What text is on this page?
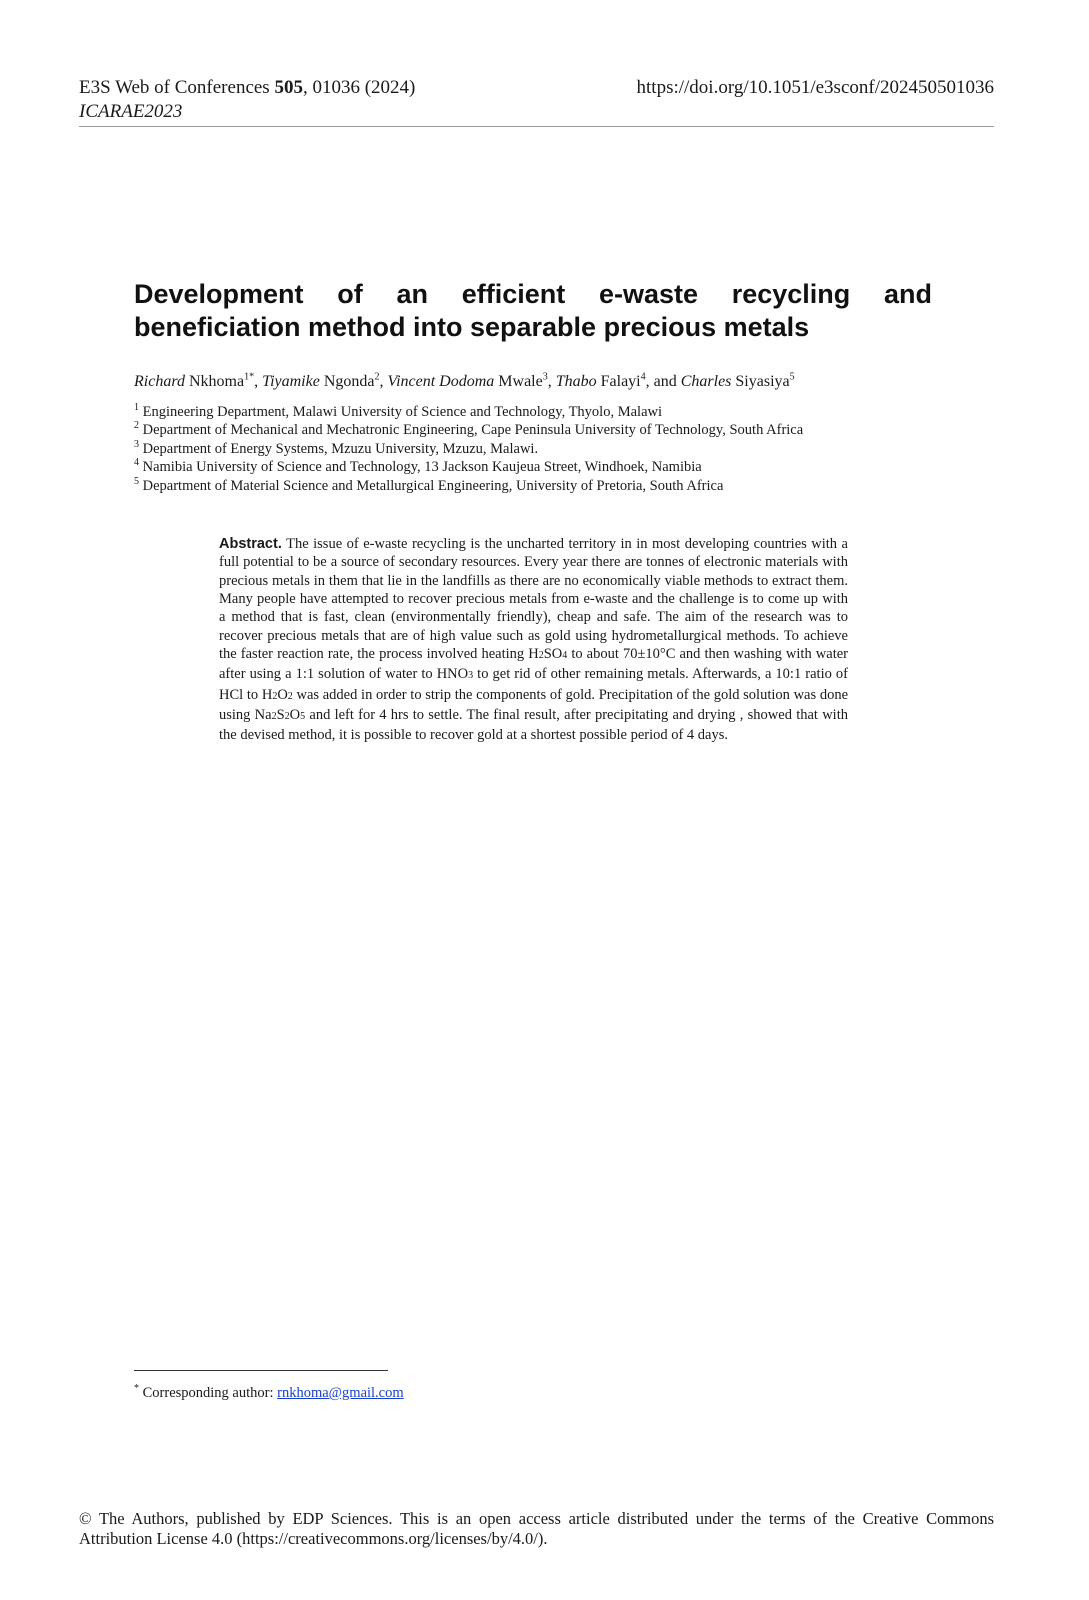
E3S Web of Conferences 505, 01036 (2024)
ICARAE2023
https://doi.org/10.1051/e3sconf/202450501036
Development of an efficient e-waste recycling and
beneficiation method into separable precious metals
Richard Nkhoma$^{1*}$, Tiyamike Ngonda$^2$, Vincent Dodoma Mwale$^3$, Thabo Falayi$^4$, and Charles Siyasiya$^5$
$^1$ Engineering Department, Malawi University of Science and Technology, Thyolo, Malawi
$^2$ Department of Mechanical and Mechatronic Engineering, Cape Peninsula University of Technology, South Africa
$^3$ Department of Energy Systems, Mzuzu University, Mzuzu, Malawi.
$^4$ Namibia University of Science and Technology, 13 Jackson Kaujeua Street, Windhoek, Namibia
$^5$ Department of Material Science and Metallurgical Engineering, University of Pretoria, South Africa
Abstract. The issue of e-waste recycling is the uncharted territory in in most developing countries with a full potential to be a source of secondary resources. Every year there are tonnes of electronic materials with precious metals in them that lie in the landfills as there are no economically viable methods to extract them. Many people have attempted to recover precious metals from e-waste and the challenge is to come up with a method that is fast, clean (environmentally friendly), cheap and safe. The aim of the research was to recover precious metals that are of high value such as gold using hydrometallurgical methods. To achieve the faster reaction rate, the process involved heating H2SO4 to about 70±10°C and then washing with water after using a 1:1 solution of water to HNO3 to get rid of other remaining metals. Afterwards, a 10:1 ratio of HCl to H2O2 was added in order to strip the components of gold. Precipitation of the gold solution was done using Na2S2O5 and left for 4 hrs to settle. The final result, after precipitating and drying , showed that with the devised method, it is possible to recover gold at a shortest possible period of 4 days.
* Corresponding author: rnkhoma@gmail.com
© The Authors, published by EDP Sciences. This is an open access article distributed under the terms of the Creative Commons Attribution License 4.0 (https://creativecommons.org/licenses/by/4.0/).
